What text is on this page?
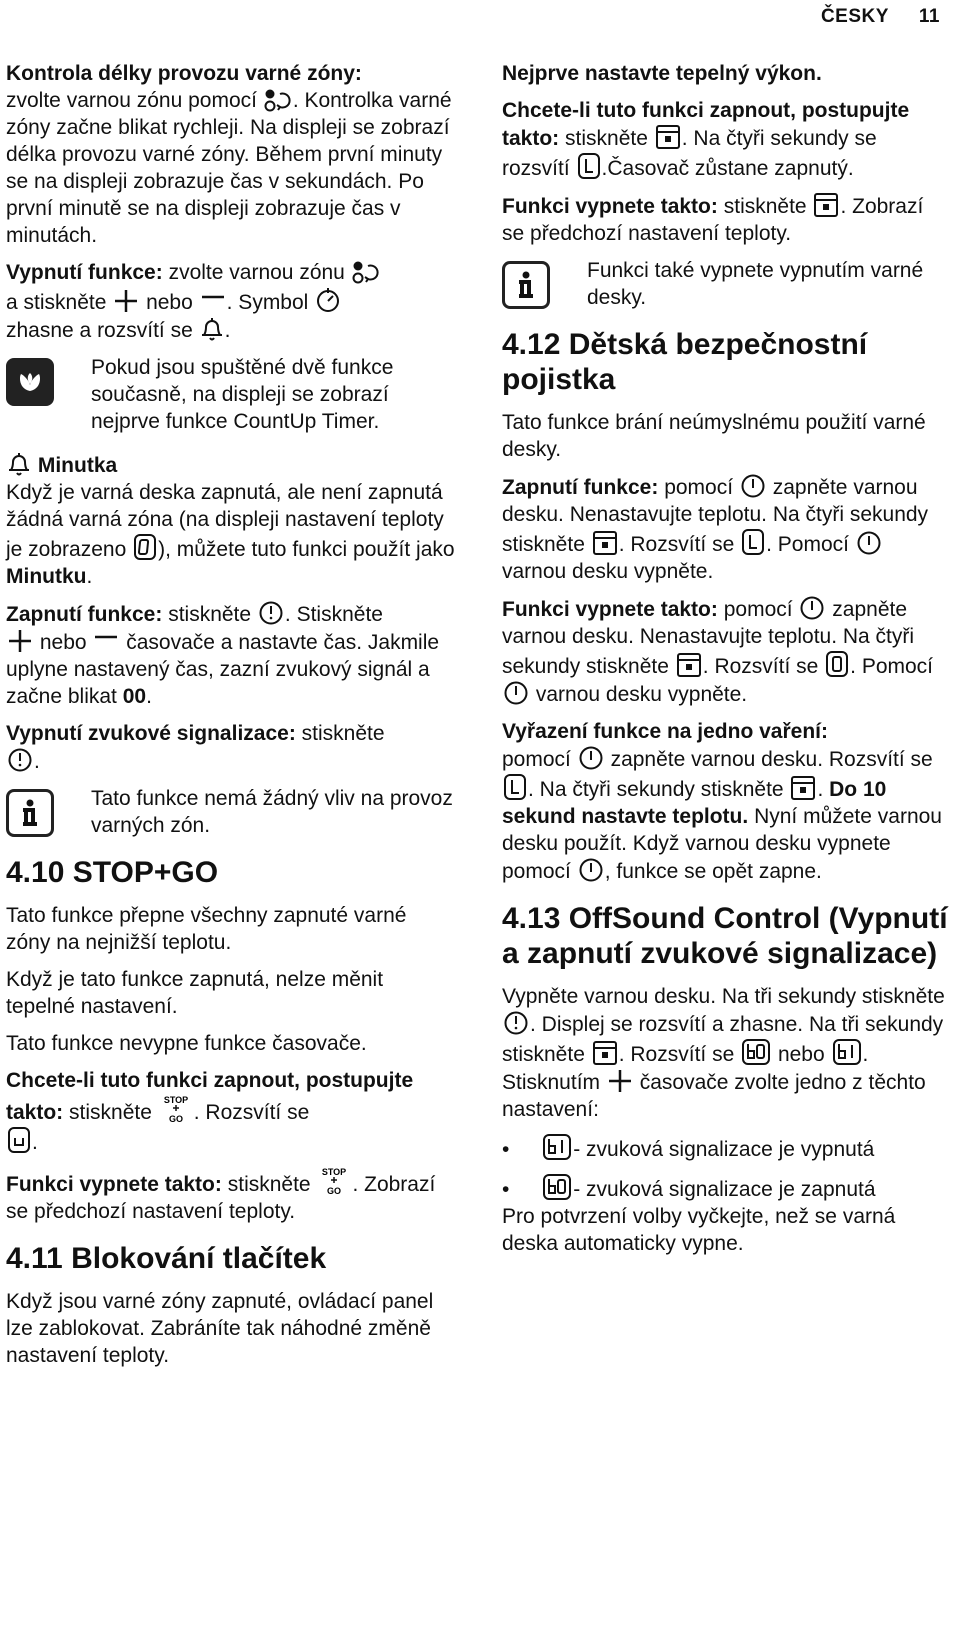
ČESKY 11

Kontrola délky provozu varné zóny:
zvolte varnou zónu pomocí . Kontrolka varné zóny začne blikat rychleji. Na displeji se zobrazí délka provozu varné zóny. Během první minuty se na displeji zobrazuje čas v sekundách. Po první minutě se na displeji zobrazuje čas v minutách.

Vypnutí funkce: zvolte varnou zónu

a stiskněte nebo . Symbol

zhasne a rozsvítí se .

Pokud jsou spuštěné dvě funkce současně, na displeji se zobrazí nejprve funkce CountUp Timer.

Minutka
Když je varná deska zapnutá, ale není zapnutá žádná varná zóna (na displeji nastavení teploty je zobrazeno ), můžete tuto funkci použít jako Minutku.

Zapnutí funkce: stiskněte . Stiskněte

nebo časovače a nastavte čas. Jakmile uplyne nastavený čas, zazní zvukový signál a začne blikat 00.

Vypnutí zvukové signalizace: stiskněte

.

Tato funkce nemá žádný vliv na provoz varných zón.
4.10 STOP+GO

Tato funkce přepne všechny zapnuté varné zóny na nejnižší teplotu.

Když je tato funkce zapnutá, nelze měnit tepelné nastavení.

Tato funkce nevypne funkce časovače.

Chcete-li tuto funkci zapnout, postupujte takto: stiskněte
STOP
GO . Rozsvítí se

.

Funkci vypnete takto: stiskněte
STOP
GO . Zobrazí se předchozí nastavení teploty.

4.11 Blokování tlačítek

Když jsou varné zóny zapnuté, ovládací panel lze zablokovat. Zabráníte tak náhodné změně nastavení teploty.

Nejprve nastavte tepelný výkon.

Chcete-li tuto funkci zapnout, postupujte takto: stiskněte . Na čtyři sekundy se rozsvítí .Časovač zůstane zapnutý.

Funkci vypnete takto: stiskněte . Zobrazí se předchozí nastavení teploty.

Funkci také vypnete vypnutím varné desky.
4.12 Dětská bezpečnostní pojistka

Tato funkce brání neúmyslnému použití varné desky.

Zapnutí funkce: pomocí zapněte varnou desku. Nenastavujte teplotu. Na čtyři sekundy stiskněte . Rozsvítí se . Pomocí
varnou desku vypněte.

Funkci vypnete takto: pomocí zapněte varnou desku. Nenastavujte teplotu. Na čtyři sekundy stiskněte . Rozsvítí se . Pomocí
varnou desku vypněte.

Vyřazení funkce na jedno vaření:
pomocí zapněte varnou desku. Rozsvítí se
. Na čtyři sekundy stiskněte . Do 10 sekund nastavte teplotu. Nyní můžete varnou desku použít. Když varnou desku vypnete pomocí , funkce se opět zapne.

4.13 OffSound Control (Vypnutí a zapnutí zvukové signalizace)

Vypněte varnou desku. Na tři sekundy stiskněte
. Displej se rozsvítí a zhasne. Na tři sekundy stiskněte . Rozsvítí se nebo . Stisknutím časovače zvolte jedno z těchto nastavení:

• - zvuková signalizace je vypnutá

• - zvuková signalizace je zapnutá

Pro potvrzení volby vyčkejte, než se varná deska automaticky vypne.
